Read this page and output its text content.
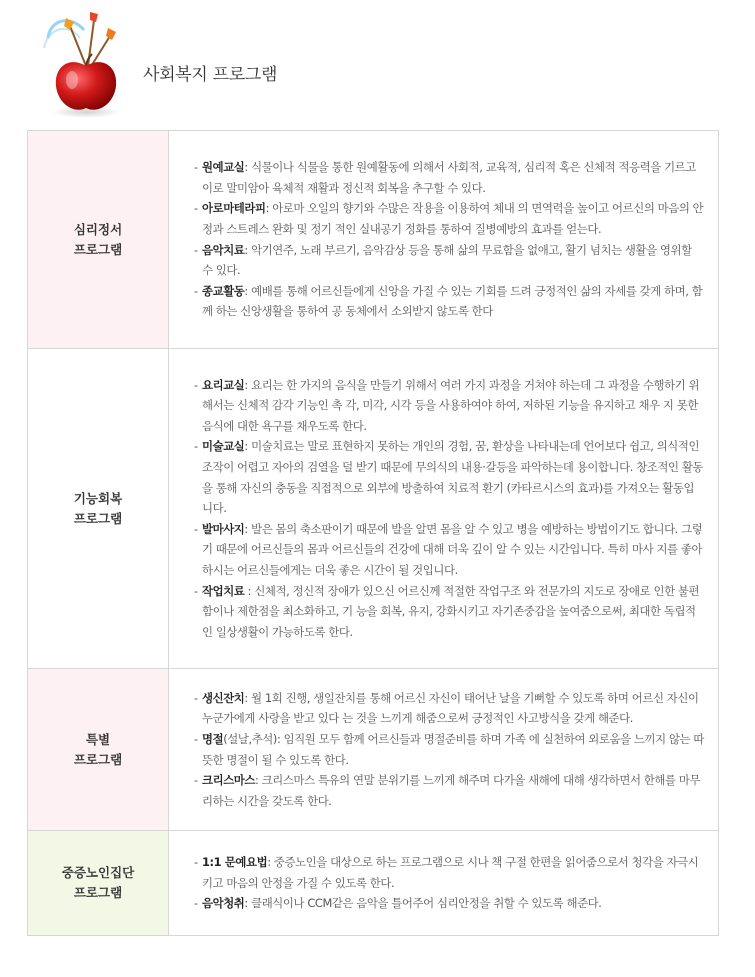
사회복지 프로그램
심리정서
프로그램

- 원예교실: 식물이나 식물을 통한 원예활동에 의해서 사회적, 교육적, 심리적 혹은 신체적 적응력을 기르고 이로 말미암아 육체적 재활과 정신적 회복을 추구할 수 있다.

- 아로마테라피: 아로마 오일의 향기와 수많은 작용을 이용하여 체내 의 면역력을 높이고 어르신의 마음의 안정과 스트레스 완화 및 정기 적인 실내공기 정화를 통하여 질병예방의 효과를 얻는다.

- 음악치료: 악기연주, 노래 부르기, 음악감상 등을 통해 삶의 무료함을 없애고, 활기 넘치는 생활을 영위할 수 있다.

- 종교활동: 예배를 통해 어르신들에게 신앙을 가질 수 있는 기회를 드려 긍정적인 삶의 자세를 갖게 하며, 함께 하는 신앙생활을 통하여 공 동체에서 소외받지 않도록 한다

기능회복
프로그램

- 요리교실: 요리는 한 가지의 음식을 만들기 위해서 여러 가지 과정을 거쳐야 하는데 그 과정을 수행하기 위해서는 신체적 감각 기능인 촉 각, 미각, 시각 등을 사용하여야 하여, 저하된 기능을 유지하고 채우 지 못한 음식에 대한 욕구를 채우도록 한다.

- 미술교실: 미술치료는 말로 표현하지 못하는 개인의 경험, 꿈, 환상을 나타내는데 언어보다 쉽고, 의식적인 조작이 어렵고 자아의 검열을 덜 받기 때문에 무의식의 내용·갈등을 파악하는데 용이합니다. 창조적인 활동을 통해 자신의 충동을 직접적으로 외부에 방출하여 치료적 환기 (카타르시스의 효과)를 가져오는 활동입니다.

- 발마사지: 발은 몸의 축소판이기 때문에 발을 알면 몸을 알 수 있고 병을 예방하는 방법이기도 합니다. 그렇기 때문에 어르신들의 몸과 어르신들의 건강에 대해 더욱 깊이 알 수 있는 시간입니다. 특히 마사 지를 좋아하시는 어르신들에게는 더욱 좋은 시간이 될 것입니다.

- 작업치료 : 신체적, 정신적 장애가 있으신 어르신께 적절한 작업구조 와 전문가의 지도로 장애로 인한 불편함이나 제한점을 최소화하고, 기 능을 회복, 유지, 강화시키고 자기존중감을 높여줌으로써, 최대한 독립적인 일상생활이 가능하도록 한다.

특별
프로그램

- 생신잔치: 월 1회 진행, 생일잔치를 통해 어르신 자신이 태어난 날을 기뻐할 수 있도록 하며 어르신 자신이 누군가에게 사랑을 받고 있다 는 것을 느끼게 해줌으로써 긍정적인 사고방식을 갖게 해준다.

- 명절(설날,추석): 임직원 모두 함께 어르신들과 명절준비를 하며 가족 에 실천하여 외로움을 느끼지 않는 따뜻한 명절이 될 수 있도록 한다.

- 크리스마스: 크리스마스 특유의 연말 분위기를 느끼게 해주며 다가올 새해에 대해 생각하면서 한해를 마무리하는 시간을 갖도록 한다.

중증노인집단
프로그램

- 1:1 문예요법: 중증노인을 대상으로 하는 프로그램으로 시나 책 구절 한편을 읽어줌으로서 청각을 자극시키고 마음의 안정을 가질 수 있도록 한다.

- 음악청취: 클래식이나 CCM같은 음악을 틀어주어 심리안정을 취할 수 있도록 해준다.
